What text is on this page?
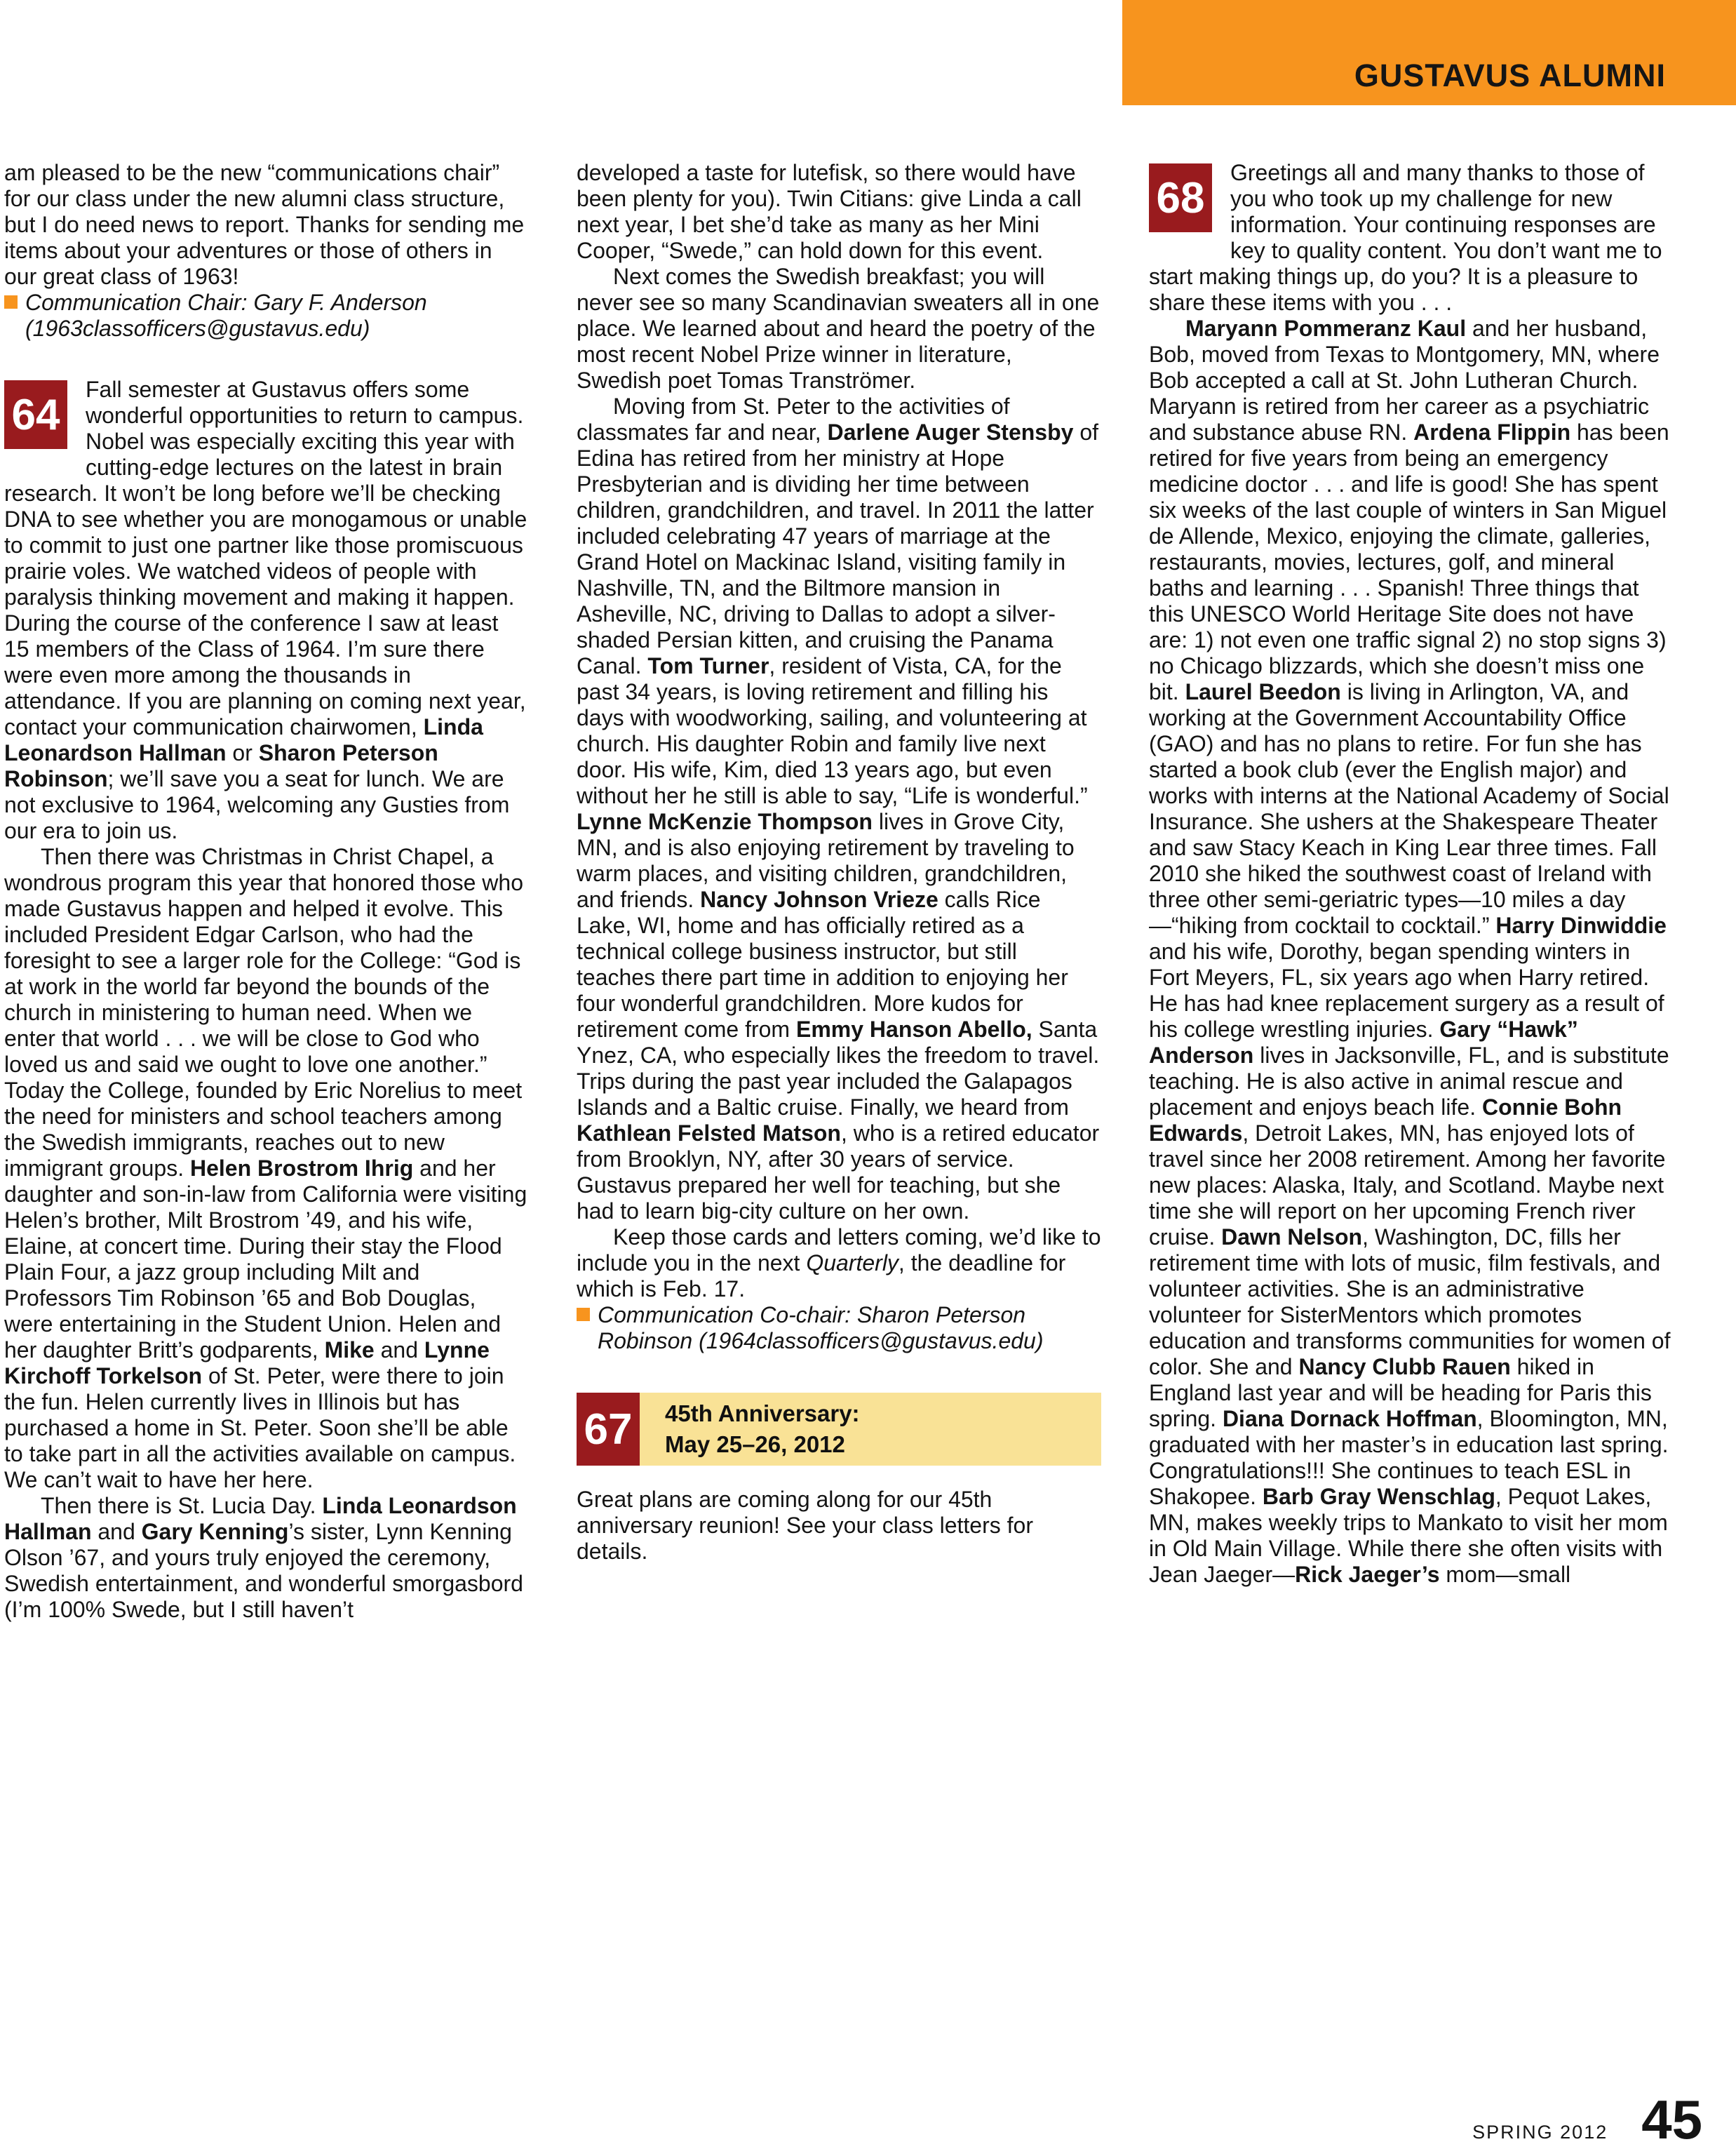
GUSTAVUS ALUMNI

am pleased to be the new “communications chair” for our class under the new alumni class structure, but I do need news to report. Thanks for sending me items about your adventures or those of others in our great class of 1963!

Communication Chair: Gary F. Anderson (1963classofficers@gustavus.edu)

64
Fall semester at Gustavus offers some wonderful opportunities to return to campus. Nobel was especially exciting this year with cutting-edge lectures on the latest in brain research. It won’t be long before we’ll be checking DNA to see whether you are monogamous or unable to commit to just one partner like those promiscuous prairie voles. We watched videos of people with paralysis thinking movement and making it happen. During the course of the conference I saw at least 15 members of the Class of 1964. I’m sure there were even more among the thousands in attendance. If you are planning on coming next year, contact your communication chairwomen, Linda Leonardson Hallman or Sharon Peterson Robinson; we’ll save you a seat for lunch. We are not exclusive to 1964, welcoming any Gusties from our era to join us.

Then there was Christmas in Christ Chapel, a wondrous program this year that honored those who made Gustavus happen and helped it evolve. This included President Edgar Carlson, who had the foresight to see a larger role for the College: “God is at work in the world far beyond the bounds of the church in ministering to human need. When we enter that world . . . we will be close to God who loved us and said we ought to love one another.” Today the College, founded by Eric Norelius to meet the need for ministers and school teachers among the Swedish immigrants, reaches out to new immigrant groups. Helen Brostrom Ihrig and her daughter and son-in-law from California were visiting Helen’s brother, Milt Brostrom ’49, and his wife, Elaine, at concert time. During their stay the Flood Plain Four, a jazz group including Milt and Professors Tim Robinson ’65 and Bob Douglas, were entertaining in the Student Union. Helen and her daughter Britt’s godparents, Mike and Lynne Kirchoff Torkelson of St. Peter, were there to join the fun. Helen currently lives in Illinois but has purchased a home in St. Peter. Soon she’ll be able to take part in all the activities available on campus. We can’t wait to have her here.

Then there is St. Lucia Day. Linda Leonardson Hallman and Gary Kenning’s sister, Lynn Kenning Olson ’67, and yours truly enjoyed the ceremony, Swedish entertainment, and wonderful smorgasbord (I’m 100% Swede, but I still haven’t

developed a taste for lutefisk, so there would have been plenty for you). Twin Citians: give Linda a call next year, I bet she’d take as many as her Mini Cooper, “Swede,” can hold down for this event.

Next comes the Swedish breakfast; you will never see so many Scandinavian sweaters all in one place. We learned about and heard the poetry of the most recent Nobel Prize winner in literature, Swedish poet Tomas Tranströmer.

Moving from St. Peter to the activities of classmates far and near, Darlene Auger Stensby of Edina has retired from her ministry at Hope Presbyterian and is dividing her time between children, grandchildren, and travel. In 2011 the latter included celebrating 47 years of marriage at the Grand Hotel on Mackinac Island, visiting family in Nashville, TN, and the Biltmore mansion in Asheville, NC, driving to Dallas to adopt a silver-shaded Persian kitten, and cruising the Panama Canal. Tom Turner, resident of Vista, CA, for the past 34 years, is loving retirement and filling his days with woodworking, sailing, and volunteering at church. His daughter Robin and family live next door. His wife, Kim, died 13 years ago, but even without her he still is able to say, “Life is wonderful.” Lynne McKenzie Thompson lives in Grove City, MN, and is also enjoying retirement by traveling to warm places, and visiting children, grandchildren, and friends. Nancy Johnson Vrieze calls Rice Lake, WI, home and has officially retired as a technical college business instructor, but still teaches there part time in addition to enjoying her four wonderful grandchildren. More kudos for retirement come from Emmy Hanson Abello, Santa Ynez, CA, who especially likes the freedom to travel. Trips during the past year included the Galapagos Islands and a Baltic cruise. Finally, we heard from Kathlean Felsted Matson, who is a retired educator from Brooklyn, NY, after 30 years of service. Gustavus prepared her well for teaching, but she had to learn big-city culture on her own.

Keep those cards and letters coming, we’d like to include you in the next Quarterly, the deadline for which is Feb. 17.

Communication Co-chair: Sharon Peterson Robinson (1964classofficers@gustavus.edu)

67	45th Anniversary:
May 25–26, 2012

Great plans are coming along for our 45th anniversary reunion! See your class letters for details.

68
Greetings all and many thanks to those of you who took up my challenge for new information. Your continuing responses are key to quality content. You don’t want me to start making things up, do you? It is a pleasure to share these items with you . . .

Maryann Pommeranz Kaul and her husband, Bob, moved from Texas to Montgomery, MN, where Bob accepted a call at St. John Lutheran Church. Maryann is retired from her career as a psychiatric and substance abuse RN. Ardena Flippin has been retired for five years from being an emergency medicine doctor . . . and life is good! She has spent six weeks of the last couple of winters in San Miguel de Allende, Mexico, enjoying the climate, galleries, restaurants, movies, lectures, golf, and mineral baths and learning . . . Spanish! Three things that this UNESCO World Heritage Site does not have are: 1) not even one traffic signal 2) no stop signs 3) no Chicago blizzards, which she doesn’t miss one bit. Laurel Beedon is living in Arlington, VA, and working at the Government Accountability Office (GAO) and has no plans to retire. For fun she has started a book club (ever the English major) and works with interns at the National Academy of Social Insurance. She ushers at the Shakespeare Theater and saw Stacy Keach in King Lear three times. Fall 2010 she hiked the southwest coast of Ireland with three other semi-geriatric types—10 miles a day—“hiking from cocktail to cocktail.” Harry Dinwiddie and his wife, Dorothy, began spending winters in Fort Meyers, FL, six years ago when Harry retired. He has had knee replacement surgery as a result of his college wrestling injuries. Gary “Hawk” Anderson lives in Jacksonville, FL, and is substitute teaching. He is also active in animal rescue and placement and enjoys beach life. Connie Bohn Edwards, Detroit Lakes, MN, has enjoyed lots of travel since her 2008 retirement. Among her favorite new places: Alaska, Italy, and Scotland. Maybe next time she will report on her upcoming French river cruise. Dawn Nelson, Washington, DC, fills her retirement time with lots of music, film festivals, and volunteer activities. She is an administrative volunteer for SisterMentors which promotes education and transforms communities for women of color. She and Nancy Clubb Rauen hiked in England last year and will be heading for Paris this spring. Diana Dornack Hoffman, Bloomington, MN, graduated with her master’s in education last spring. Congratulations!!! She continues to teach ESL in Shakopee. Barb Gray Wenschlag, Pequot Lakes, MN, makes weekly trips to Mankato to visit her mom in Old Main Village. While there she often visits with Jean Jaeger—Rick Jaeger’s mom—small

SPRING 2012 45
